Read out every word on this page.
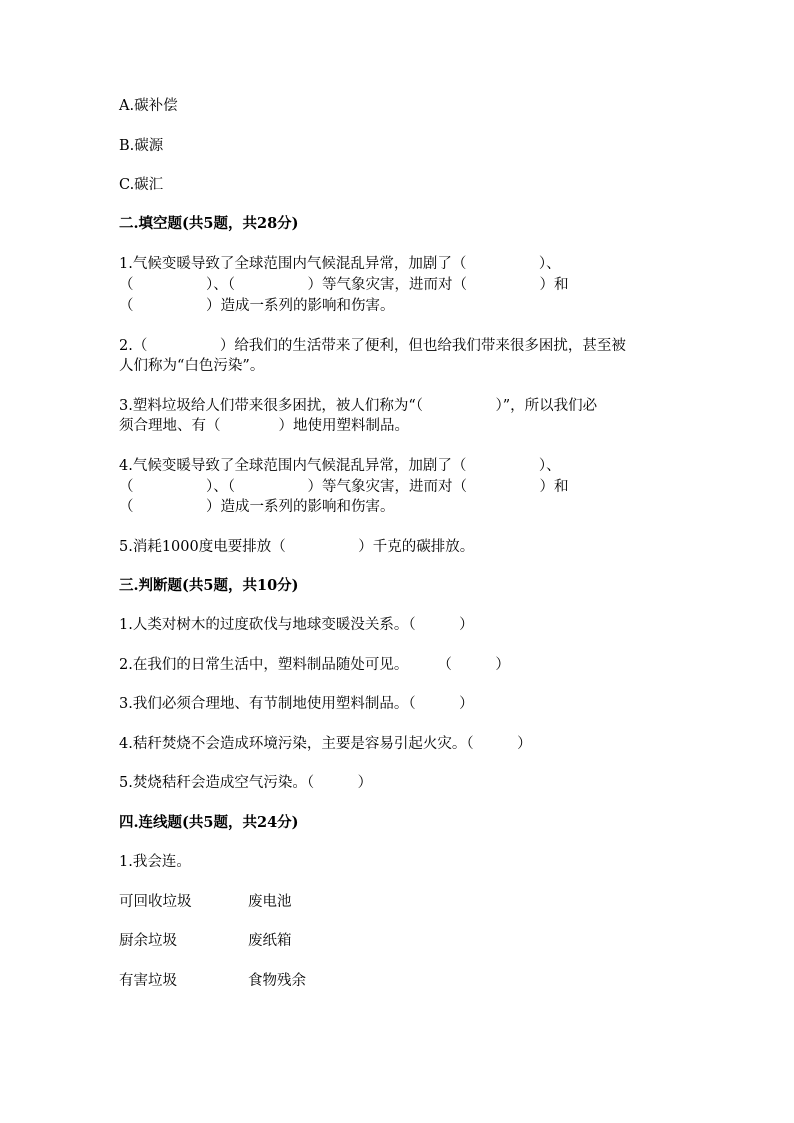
A.碳补偿
B.碳源
C.碳汇
二.填空题(共5题，共28分)
1.气候变暖导致了全球范围内气候混乱异常，加剧了（　　　　　）、
（　　　　　）、（　　　　　）等气象灾害，进而对（　　　　　）和
（　　　　　）造成一系列的影响和伤害。
2.（　　　　　）给我们的生活带来了便利，但也给我们带来很多困扰，甚至被
人们称为“白色污染”。
3.塑料垃圾给人们带来很多困扰，被人们称为“（　　　　　）”，所以我们必
须合理地、有（　　　　）地使用塑料制品。
4.气候变暖导致了全球范围内气候混乱异常，加剧了（　　　　　）、
（　　　　　）、（　　　　　）等气象灾害，进而对（　　　　　）和
（　　　　　）造成一系列的影响和伤害。
5.消耗1000度电要排放（　　　　　）千克的碳排放。
三.判断题(共5题，共10分)
1.人类对树木的过度砍伐与地球变暖没关系。（　　　）
2.在我们的日常生活中，塑料制品随处可见。　　　（　　　）
3.我们必须合理地、有节制地使用塑料制品。（　　　）
4.秸秆焚烧不会造成环境污染，主要是容易引起火灾。（　　　）
5.焚烧秸秆会造成空气污染。（　　　）
四.连线题(共5题，共24分)
1.我会连。
可回收垃圾	废电池
厨余垃圾	废纸箱
有害垃圾	食物残余
